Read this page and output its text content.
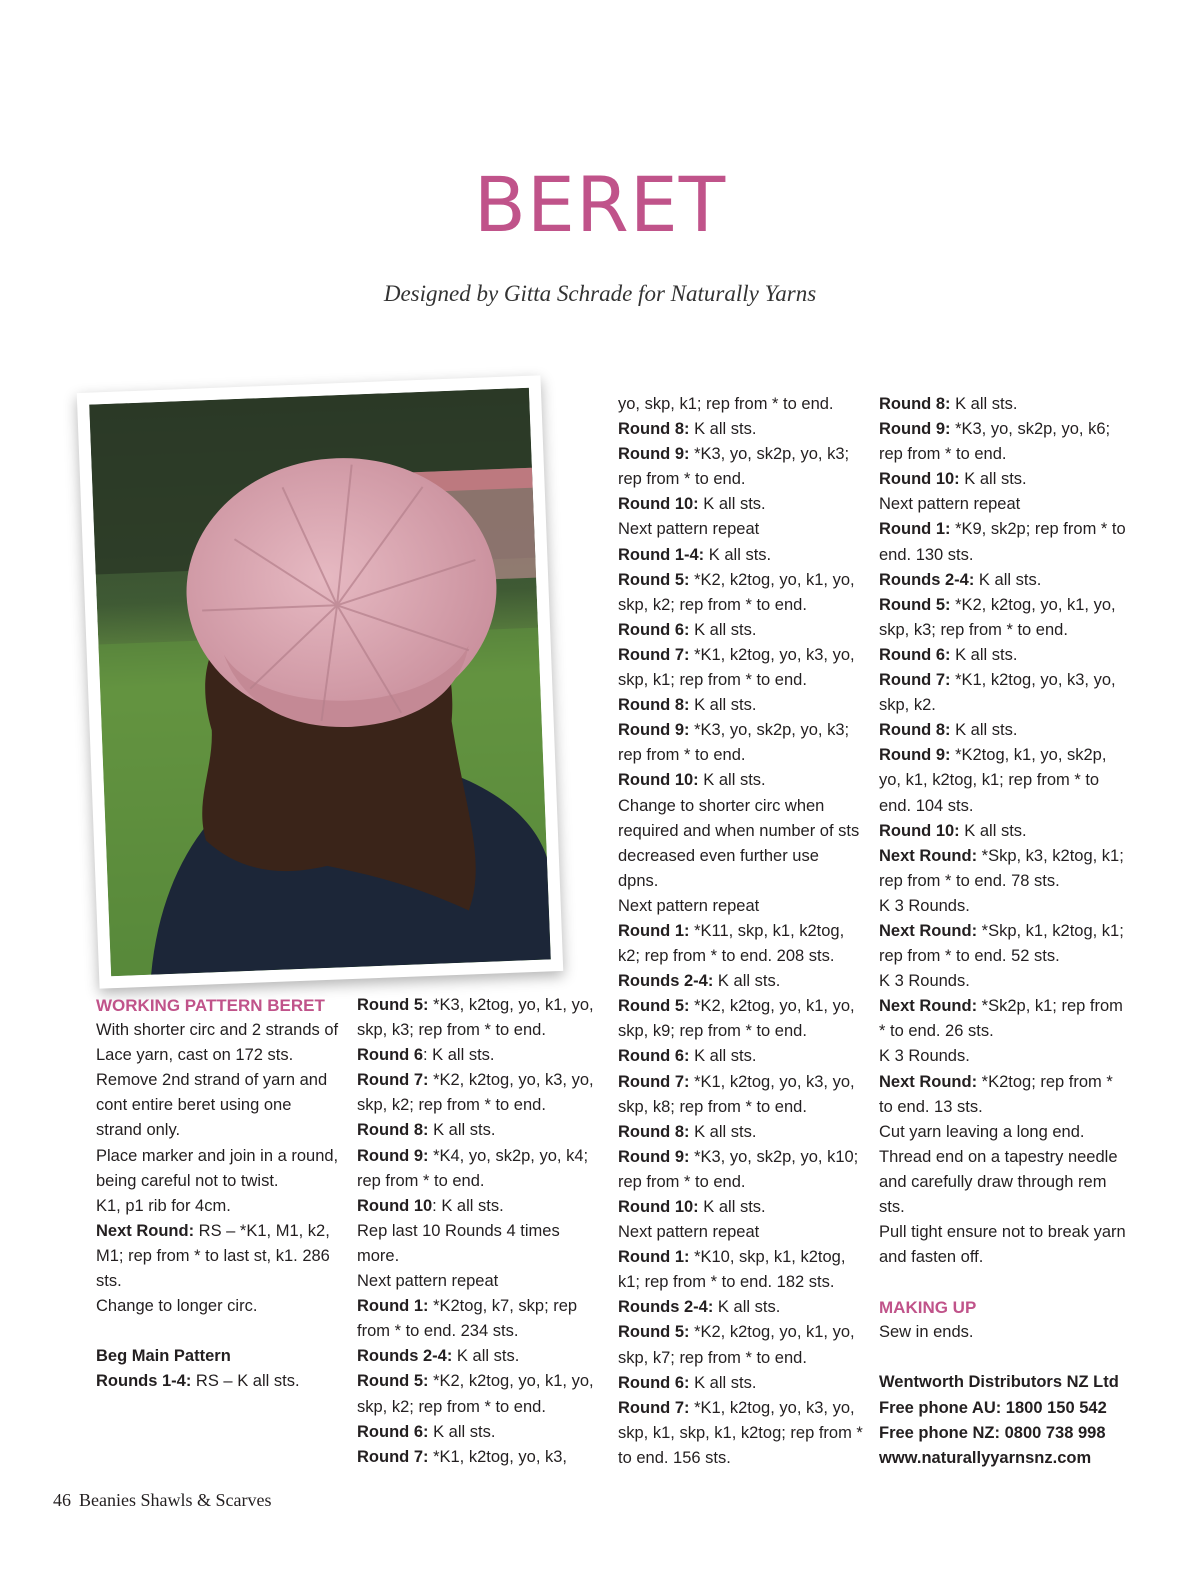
BERET

Designed by Gitta Schrade for Naturally Yarns

WORKING PATTERN BERET

With shorter circ and 2 strands of Lace yarn, cast on 172 sts.

Remove 2nd strand of yarn and cont entire beret using one strand only.

Place marker and join in a round, being careful not to twist.

K1, p1 rib for 4cm.

Next Round: RS – *K1, M1, k2, M1; rep from * to last st, k1. 286 sts.

Change to longer circ.

Beg Main Pattern

Rounds 1-4: RS – K all sts.

Round 5: *K3, k2tog, yo, k1, yo, skp, k3; rep from * to end.

Round 6: K all sts.

Round 7: *K2, k2tog, yo, k3, yo, skp, k2; rep from * to end.

Round 8: K all sts.

Round 9: *K4, yo, sk2p, yo, k4; rep from * to end.

Round 10: K all sts.

Rep last 10 Rounds 4 times more.

Next pattern repeat

Round 1: *K2tog, k7, skp; rep from * to end. 234 sts.

Rounds 2-4: K all sts.

Round 5: *K2, k2tog, yo, k1, yo, skp, k2; rep from * to end.

Round 6: K all sts.

Round 7: *K1, k2tog, yo, k3,

yo, skp, k1; rep from * to end.

Round 8: K all sts.

Round 9: *K3, yo, sk2p, yo, k3; rep from * to end.

Round 10: K all sts.

Next pattern repeat

Round 1-4: K all sts.

Round 5: *K2, k2tog, yo, k1, yo, skp, k2; rep from * to end.

Round 6: K all sts.

Round 7: *K1, k2tog, yo, k3, yo, skp, k1; rep from * to end.

Round 8: K all sts.

Round 9: *K3, yo, sk2p, yo, k3; rep from * to end.

Round 10: K all sts.

Change to shorter circ when required and when number of sts decreased even further use dpns.

Next pattern repeat

Round 1: *K11, skp, k1, k2tog, k2; rep from * to end. 208 sts.

Rounds 2-4: K all sts.

Round 5: *K2, k2tog, yo, k1, yo, skp, k9; rep from * to end.

Round 6: K all sts.

Round 7: *K1, k2tog, yo, k3, yo, skp, k8; rep from * to end.

Round 8: K all sts.

Round 9: *K3, yo, sk2p, yo, k10; rep from * to end.

Round 10: K all sts.

Next pattern repeat

Round 1: *K10, skp, k1, k2tog, k1; rep from * to end. 182 sts.

Rounds 2-4: K all sts.

Round 5: *K2, k2tog, yo, k1, yo, skp, k7; rep from * to end.

Round 6: K all sts.

Round 7: *K1, k2tog, yo, k3, yo, skp, k1, skp, k1, k2tog; rep from * to end. 156 sts.

Round 8: K all sts.

Round 9: *K3, yo, sk2p, yo, k6; rep from * to end.

Round 10: K all sts.

Next pattern repeat

Round 1: *K9, sk2p; rep from * to end. 130 sts.

Rounds 2-4: K all sts.

Round 5: *K2, k2tog, yo, k1, yo, skp, k3; rep from * to end.

Round 6: K all sts.

Round 7: *K1, k2tog, yo, k3, yo, skp, k2.

Round 8: K all sts.

Round 9: *K2tog, k1, yo, sk2p, yo, k1, k2tog, k1; rep from * to end. 104 sts.

Round 10: K all sts.

Next Round: *Skp, k3, k2tog, k1; rep from * to end. 78 sts.

K 3 Rounds.

Next Round: *Skp, k1, k2tog, k1; rep from * to end. 52 sts.

K 3 Rounds.

Next Round: *Sk2p, k1; rep from * to end. 26 sts.

K 3 Rounds.

Next Round: *K2tog; rep from * to end. 13 sts.

Cut yarn leaving a long end.

Thread end on a tapestry needle and carefully draw through rem sts.

Pull tight ensure not to break yarn and fasten off.

MAKING UP

Sew in ends.

Wentworth Distributors NZ Ltd

Free phone AU: 1800 150 542

Free phone NZ: 0800 738 998

www.naturallyyarnsnz.com

46 Beanies Shawls & Scarves
